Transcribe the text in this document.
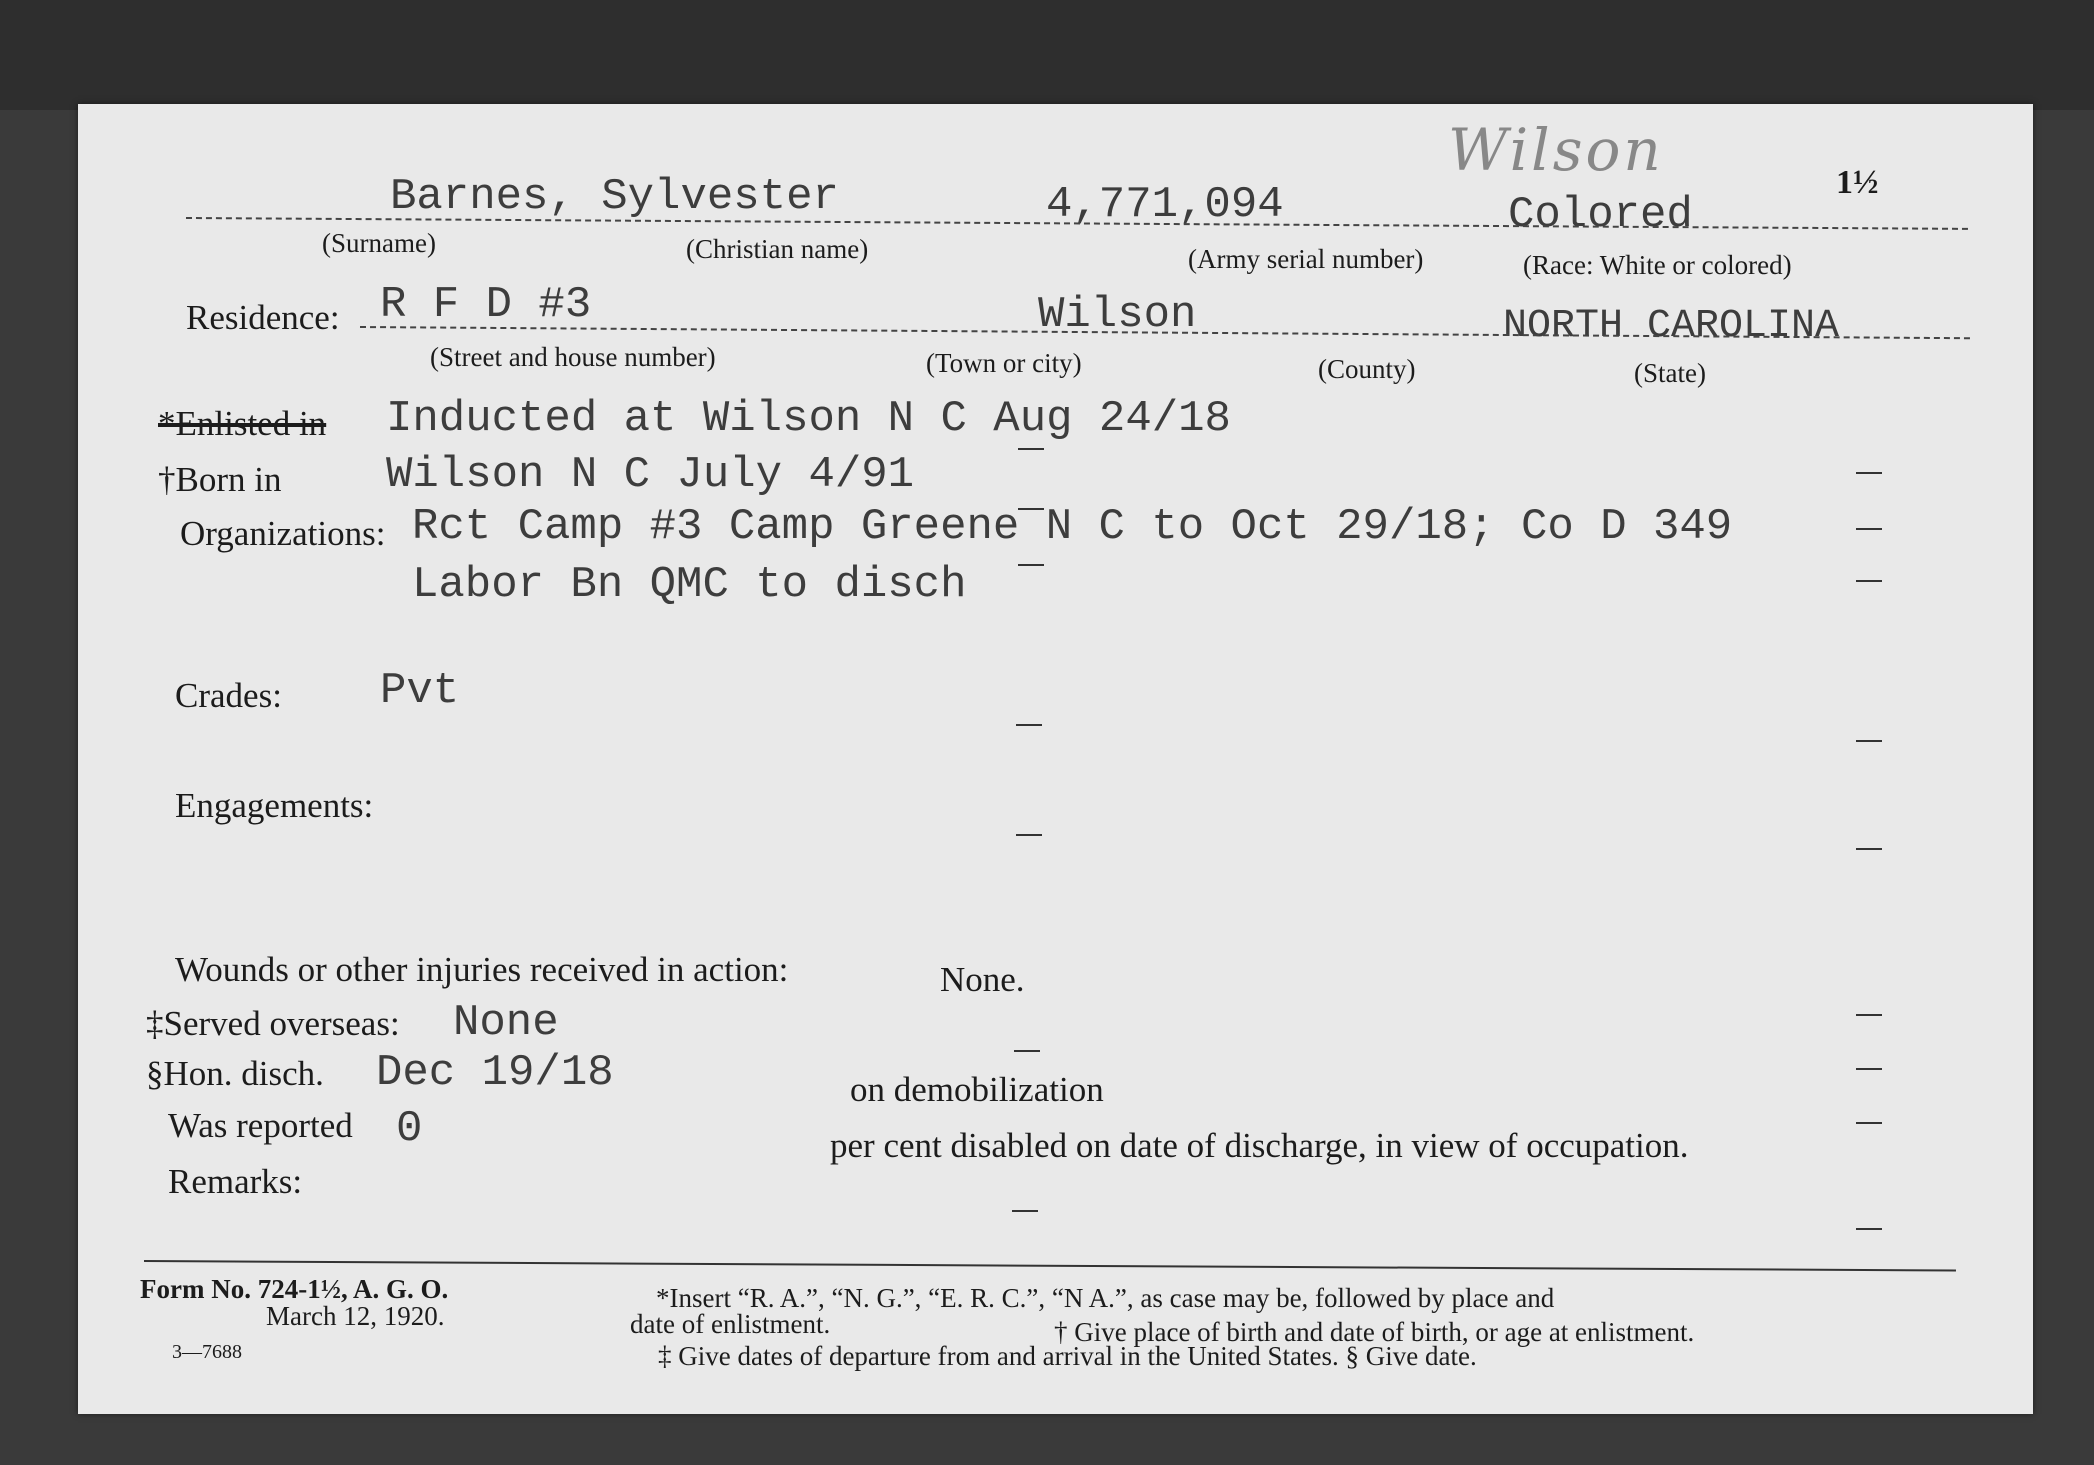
Wilson	1½
Barnes, Sylvester	4,771,094	Colored
(Surname)	(Christian name)	(Army serial number)	(Race: White or colored)
Residence: R F D #3	Wilson	NORTH CAROLINA
(Street and house number)	(Town or city)	(County)	(State)
*Enlisted in Inducted at Wilson N C Aug 24/18
†Born in Wilson N C July 4/91
Organizations: Rct Camp #3 Camp Greene N C to Oct 29/18; Co D 349
Labor Bn QMC to disch
Crades: Pvt
Engagements:
Wounds or other injuries received in action:	None.
‡Served overseas: None
§Hon. disch. Dec 19/18	on demobilization
Was reported 0	per cent disabled on date of discharge, in view of occupation.
Remarks:
Form No. 724-1½, A. G. O.
March 12, 1920.
3—7688
*Insert “R. A.”, “N. G.”, “E. R. C.”, “N A.”, as case may be, followed by place and
date of enlistment.	† Give place of birth and date of birth, or age at enlistment.
‡ Give dates of departure from and arrival in the United States. § Give date.
